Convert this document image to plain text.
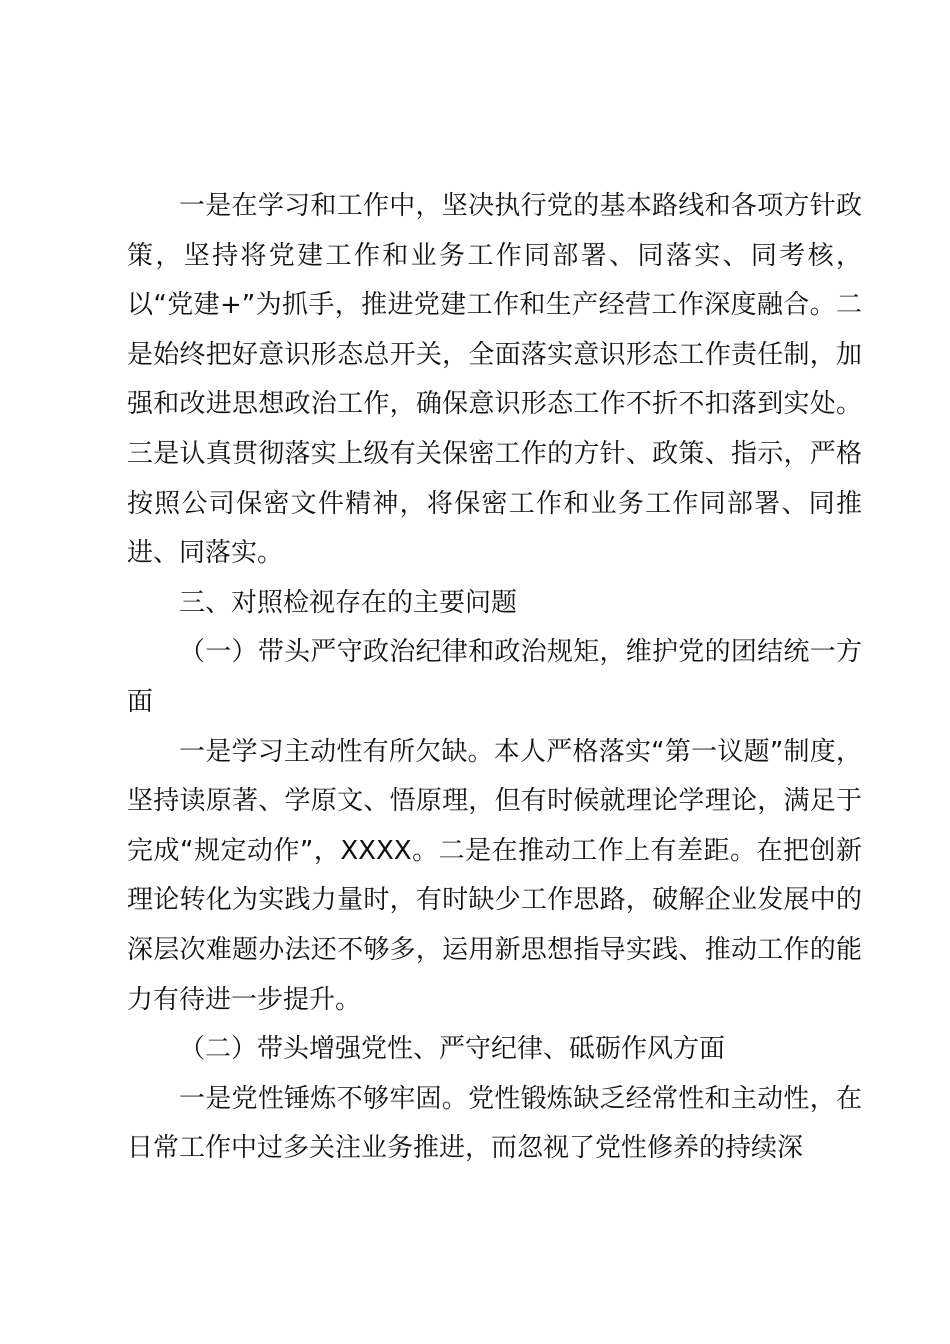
一是在学习和工作中，坚决执行党的基本路线和各项方针政策，坚持将党建工作和业务工作同部署、同落实、同考核，以“党建+”为抓手，推进党建工作和生产经营工作深度融合。二是始终把好意识形态总开关，全面落实意识形态工作责任制，加强和改进思想政治工作，确保意识形态工作不折不扣落到实处。三是认真贯彻落实上级有关保密工作的方针、政策、指示，严格按照公司保密文件精神，将保密工作和业务工作同部署、同推进、同落实。

三、对照检视存在的主要问题

（一）带头严守政治纪律和政治规矩，维护党的团结统一方面

一是学习主动性有所欠缺。本人严格落实“第一议题”制度，坚持读原著、学原文、悟原理，但有时候就理论学理论，满足于完成“规定动作”，XXXX。二是在推动工作上有差距。在把创新理论转化为实践力量时，有时缺少工作思路，破解企业发展中的深层次难题办法还不够多，运用新思想指导实践、推动工作的能力有待进一步提升。

（二）带头增强党性、严守纪律、砥砺作风方面

一是党性锤炼不够牢固。党性锻炼缺乏经常性和主动性，在日常工作中过多关注业务推进，而忽视了党性修养的持续深
